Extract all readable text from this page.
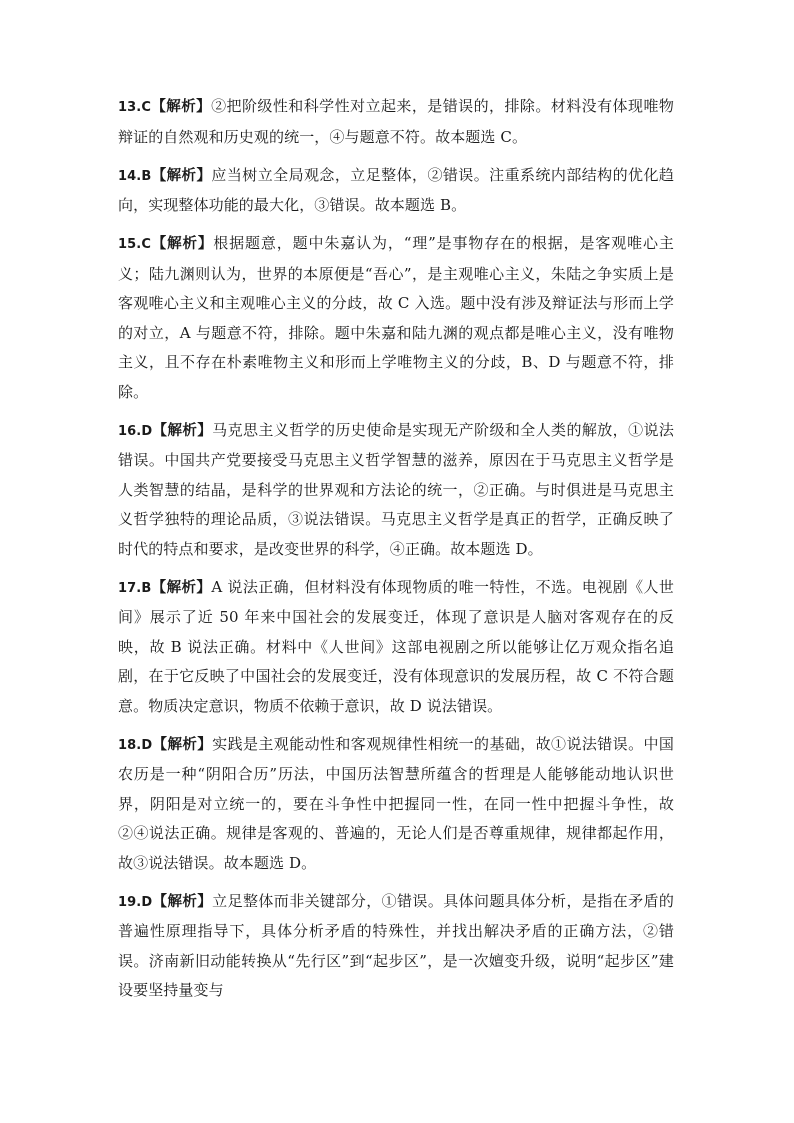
13.C【解析】②把阶级性和科学性对立起来，是错误的，排除。材料没有体现唯物辩证的自然观和历史观的统一，④与题意不符。故本题选 C。

14.B【解析】应当树立全局观念，立足整体，②错误。注重系统内部结构的优化趋向，实现整体功能的最大化，③错误。故本题选 B。

15.C【解析】根据题意，题中朱嘉认为，“理”是事物存在的根据，是客观唯心主义；陆九渊则认为，世界的本原便是“吾心”，是主观唯心主义，朱陆之争实质上是客观唯心主义和主观唯心主义的分歧，故 C 入选。题中没有涉及辩证法与形而上学的对立，A 与题意不符，排除。题中朱嘉和陆九渊的观点都是唯心主义，没有唯物主义，且不存在朴素唯物主义和形而上学唯物主义的分歧，B、D 与题意不符，排除。

16.D【解析】马克思主义哲学的历史使命是实现无产阶级和全人类的解放，①说法错误。中国共产党要接受马克思主义哲学智慧的滋养，原因在于马克思主义哲学是人类智慧的结晶，是科学的世界观和方法论的统一，②正确。与时俱进是马克思主义哲学独特的理论品质，③说法错误。马克思主义哲学是真正的哲学，正确反映了时代的特点和要求，是改变世界的科学，④正确。故本题选 D。

17.B【解析】A 说法正确，但材料没有体现物质的唯一特性，不选。电视剧《人世间》展示了近 50 年来中国社会的发展变迁，体现了意识是人脑对客观存在的反映，故 B 说法正确。材料中《人世间》这部电视剧之所以能够让亿万观众指名追剧，在于它反映了中国社会的发展变迁，没有体现意识的发展历程，故 C 不符合题意。物质决定意识，物质不依赖于意识，故 D 说法错误。

18.D【解析】实践是主观能动性和客观规律性相统一的基础，故①说法错误。中国农历是一种“阴阳合历”历法，中国历法智慧所蕴含的哲理是人能够能动地认识世界，阴阳是对立统一的，要在斗争性中把握同一性，在同一性中把握斗争性，故②④说法正确。规律是客观的、普遍的，无论人们是否尊重规律，规律都起作用，故③说法错误。故本题选 D。

19.D【解析】立足整体而非关键部分，①错误。具体问题具体分析，是指在矛盾的普遍性原理指导下，具体分析矛盾的特殊性，并找出解决矛盾的正确方法，②错误。济南新旧动能转换从“先行区”到“起步区”，是一次嬗变升级，说明“起步区”建设要坚持量变与
